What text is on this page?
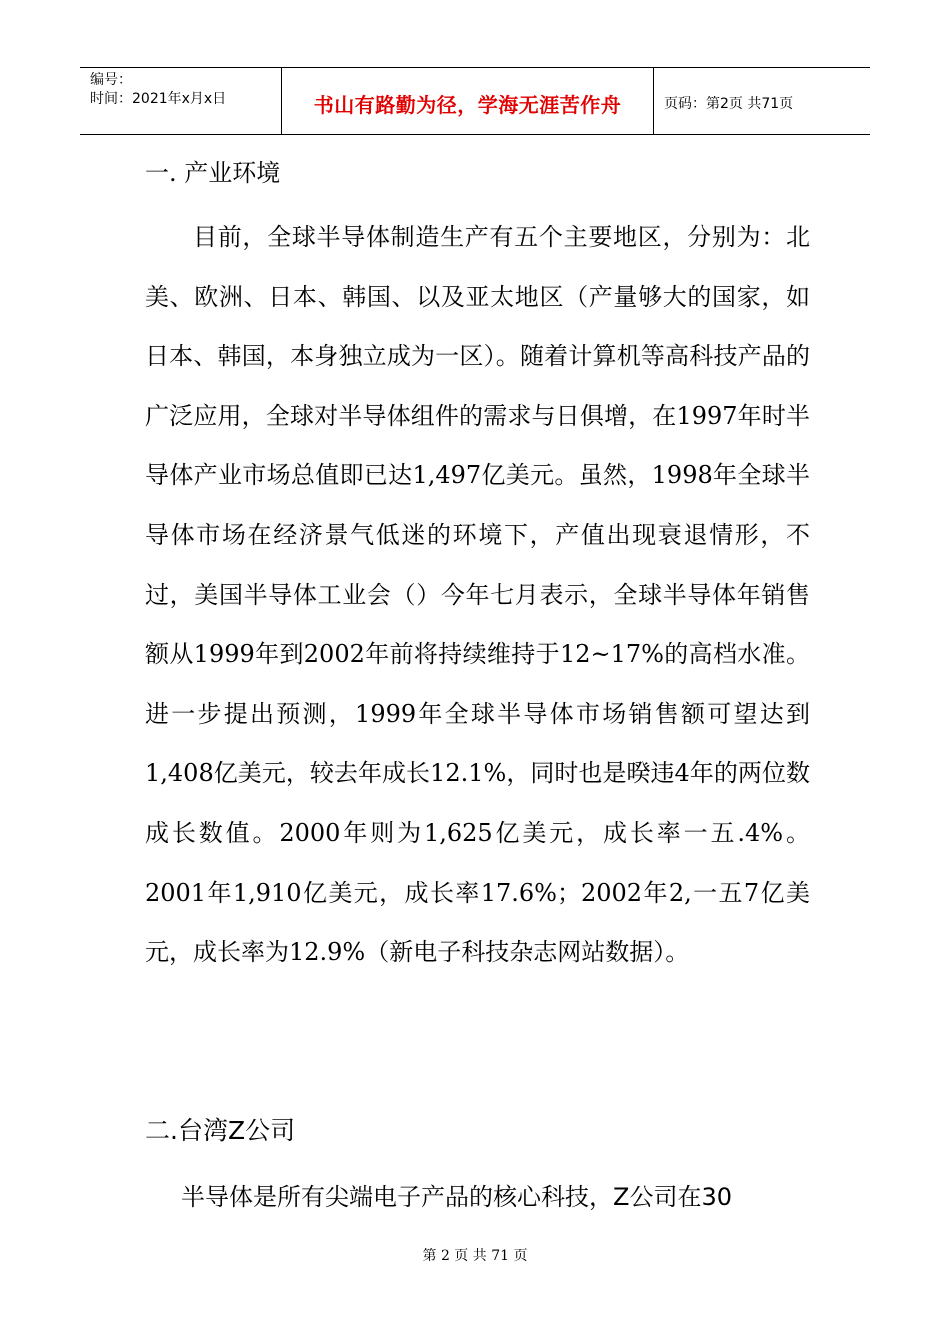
编号：
时间：2021年x月x日	书山有路勤为径，学海无涯苦作舟	页码：第2页 共71页
一. 产业环境

目前，全球半导体制造生产有五个主要地区，分别为：北美、欧洲、日本、韩国、以及亚太地区（产量够大的国家，如日本、韩国，本身独立成为一区）。随着计算机等高科技产品的广泛应用，全球对半导体组件的需求与日俱增，在1997年时半导体产业市场总值即已达1,497亿美元。虽然，1998年全球半导体市场在经济景气低迷的环境下，产值出现衰退情形，不过，美国半导体工业会（）今年七月表示，全球半导体年销售额从1999年到2002年前将持续维持于12~17%的高档水准。进一步提出预测，1999年全球半导体市场销售额可望达到1,408亿美元，较去年成长12.1%，同时也是暌违4年的两位数成长数值。2000年则为1,625亿美元，成长率一五.4%。2001年1,910亿美元，成长率17.6%；2002年2,一五7亿美元，成长率为12.9%（新电子科技杂志网站数据）。

二.台湾Z公司

半导体是所有尖端电子产品的核心科技，Z公司在30

第 2 页 共 71 页
